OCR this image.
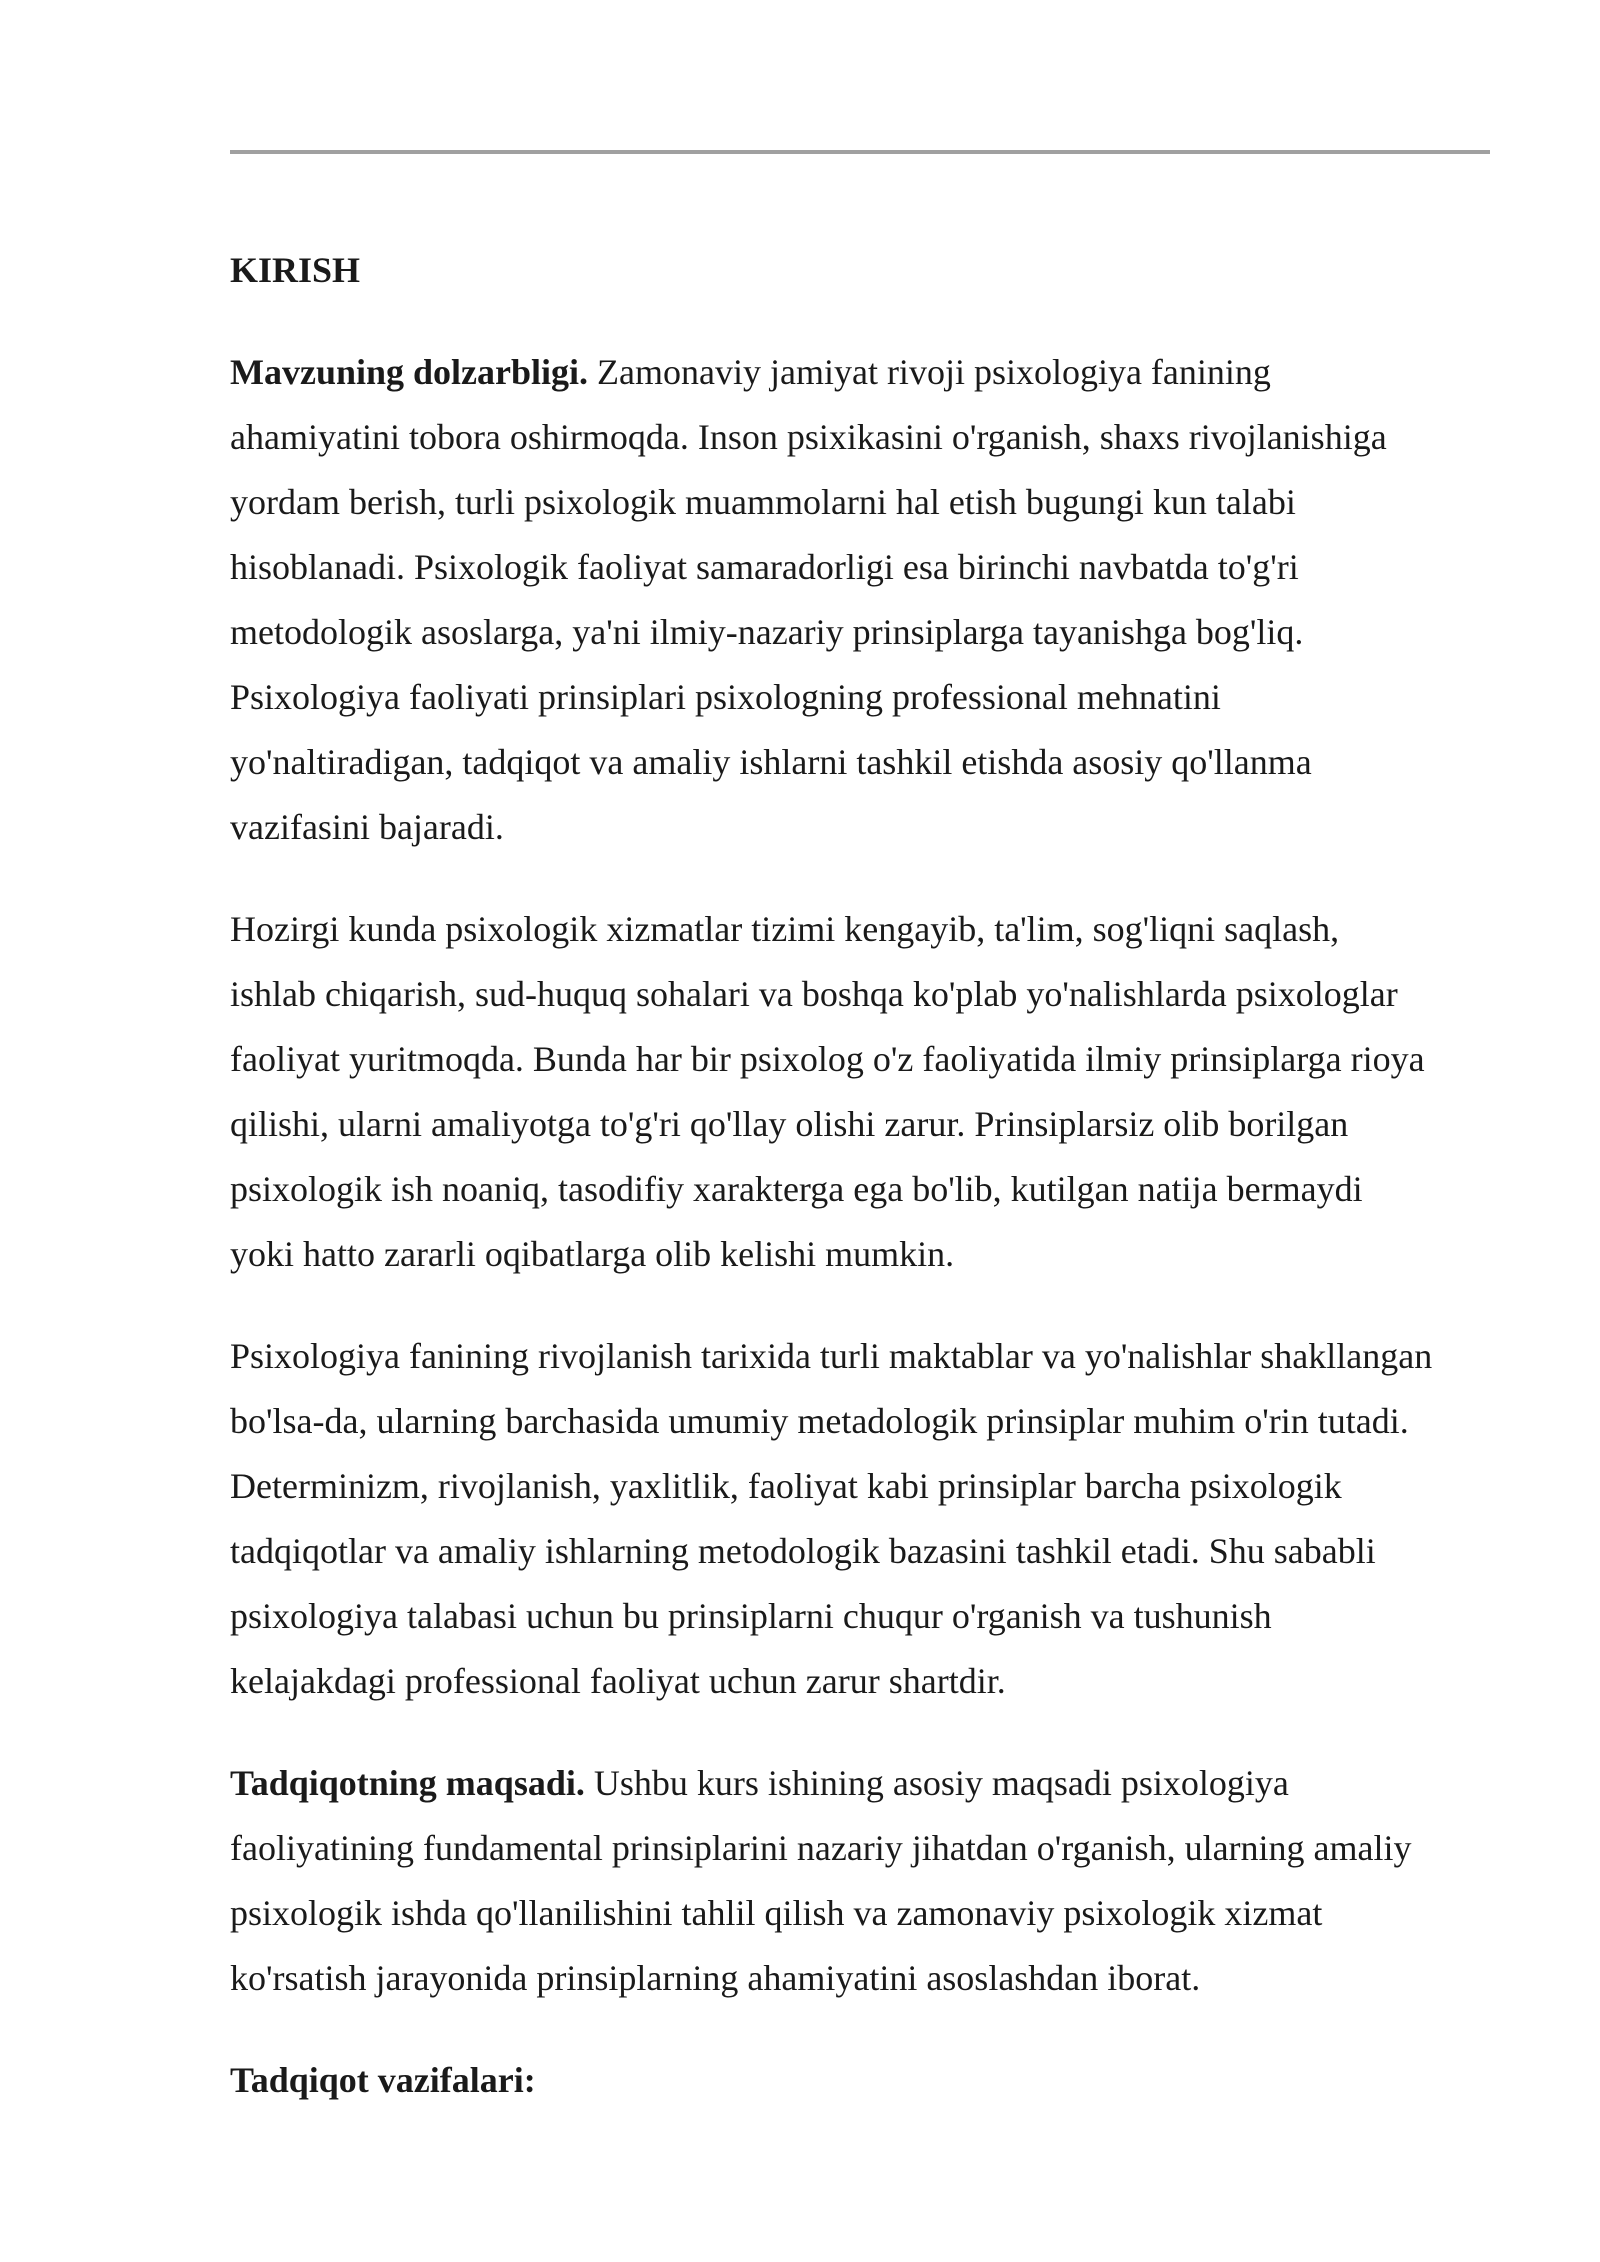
KIRISH

Mavzuning dolzarbligi. Zamonaviy jamiyat rivoji psixologiya fanining
ahamiyatini tobora oshirmoqda. Inson psixikasini o'rganish, shaxs rivojlanishiga
yordam berish, turli psixologik muammolarni hal etish bugungi kun talabi
hisoblanadi. Psixologik faoliyat samaradorligi esa birinchi navbatda to'g'ri
metodologik asoslarga, ya'ni ilmiy-nazariy prinsiplarga tayanishga bog'liq.
Psixologiya faoliyati prinsiplari psixologning professional mehnatini
yo'naltiradigan, tadqiqot va amaliy ishlarni tashkil etishda asosiy qo'llanma
vazifasini bajaradi.

Hozirgi kunda psixologik xizmatlar tizimi kengayib, ta'lim, sog'liqni saqlash,
ishlab chiqarish, sud-huquq sohalari va boshqa ko'plab yo'nalishlarda psixologlar
faoliyat yuritmoqda. Bunda har bir psixolog o'z faoliyatida ilmiy prinsiplarga rioya
qilishi, ularni amaliyotga to'g'ri qo'llay olishi zarur. Prinsiplarsiz olib borilgan
psixologik ish noaniq, tasodifiy xarakterga ega bo'lib, kutilgan natija bermaydi
yoki hatto zararli oqibatlarga olib kelishi mumkin.

Psixologiya fanining rivojlanish tarixida turli maktablar va yo'nalishlar shakllangan
bo'lsa-da, ularning barchasida umumiy metadologik prinsiplar muhim o'rin tutadi.
Determinizm, rivojlanish, yaxlitlik, faoliyat kabi prinsiplar barcha psixologik
tadqiqotlar va amaliy ishlarning metodologik bazasini tashkil etadi. Shu sababli
psixologiya talabasi uchun bu prinsiplarni chuqur o'rganish va tushunish
kelajakdagi professional faoliyat uchun zarur shartdir.

Tadqiqotning maqsadi. Ushbu kurs ishining asosiy maqsadi psixologiya
faoliyatining fundamental prinsiplarini nazariy jihatdan o'rganish, ularning amaliy
psixologik ishda qo'llanilishini tahlil qilish va zamonaviy psixologik xizmat
ko'rsatish jarayonida prinsiplarning ahamiyatini asoslashdan iborat.

Tadqiqot vazifalari:
